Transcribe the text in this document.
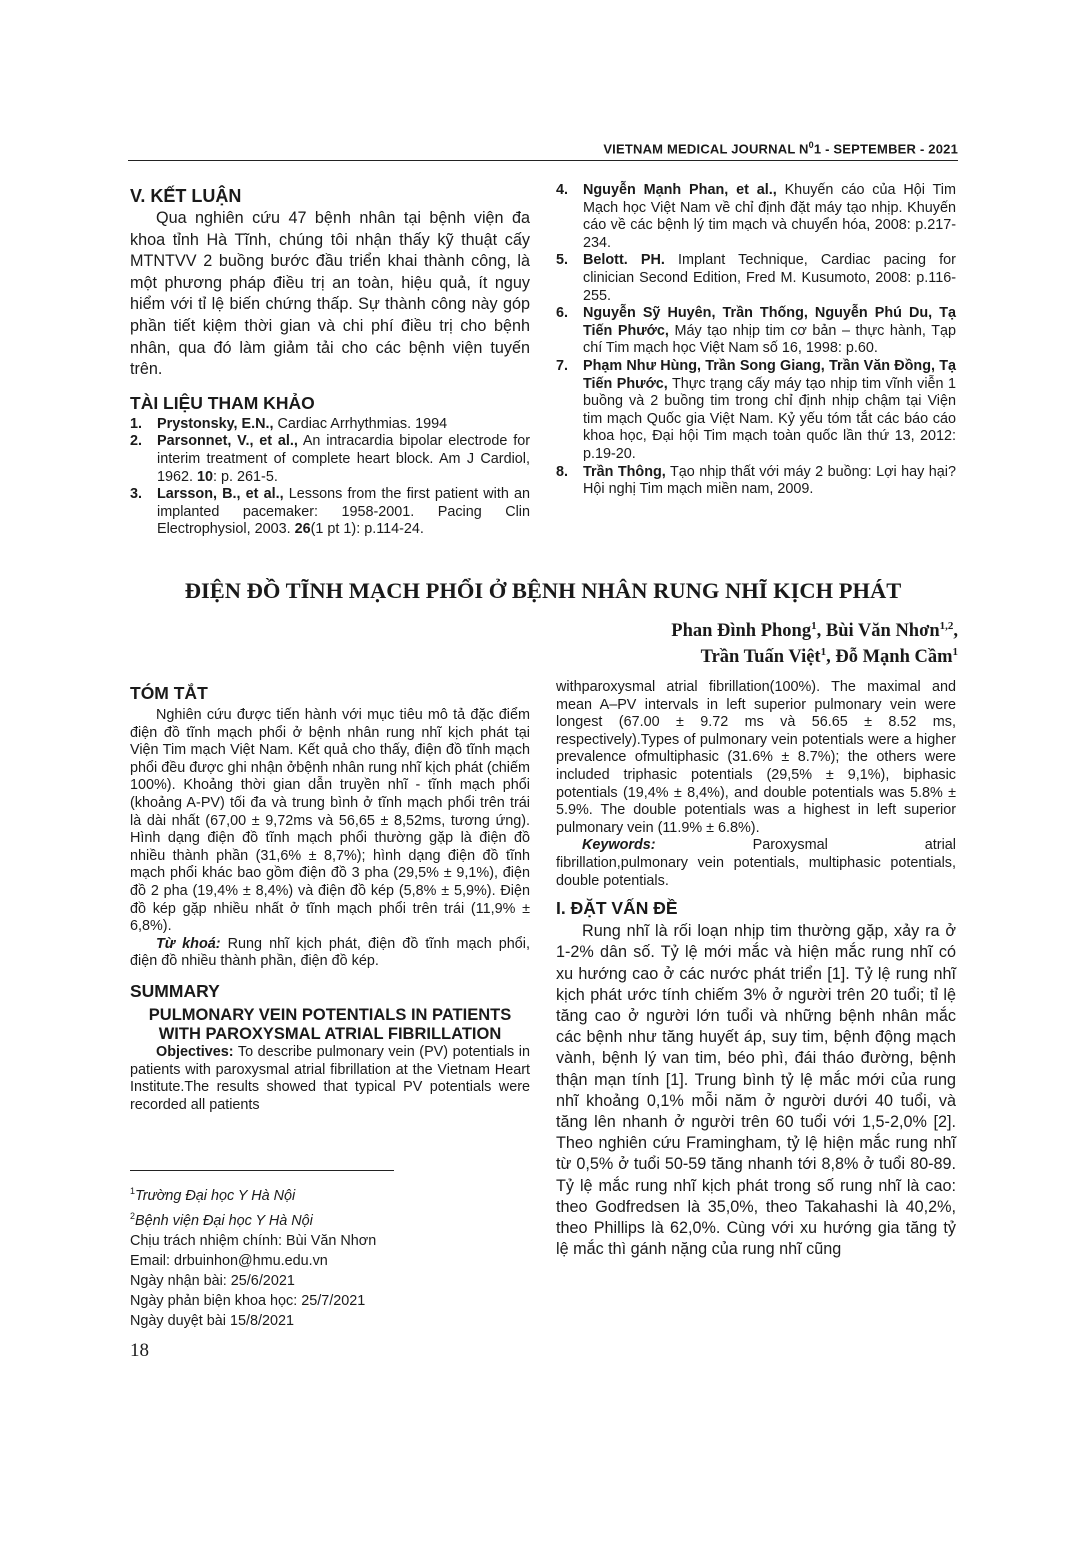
VIETNAM MEDICAL JOURNAL $N^01$ - SEPTEMBER - 2021
V. KẾT LUẬN
Qua nghiên cứu 47 bệnh nhân tại bệnh viện đa khoa tỉnh Hà Tĩnh, chúng tôi nhận thấy kỹ thuật cấy MTNTVV 2 buồng bước đầu triển khai thành công, là một phương pháp điều trị an toàn, hiệu quả, ít nguy hiểm với tỉ lệ biến chứng thấp. Sự thành công này góp phần tiết kiệm thời gian và chi phí điều trị cho bệnh nhân, qua đó làm giảm tải cho các bệnh viện tuyến trên.
TÀI LIỆU THAM KHẢO
1. Prystonsky, E.N., Cardiac Arrhythmias. 1994
2. Parsonnet, V., et al., An intracardia bipolar electrode for interim treatment of complete heart block. Am J Cardiol, 1962. 10: p. 261-5.
3. Larsson, B., et al., Lessons from the first patient with an implanted pacemaker: 1958-2001. Pacing Clin Electrophysiol, 2003. 26(1 pt 1): p.114-24.
4. Nguyễn Mạnh Phan, et al., Khuyến cáo của Hội Tim Mạch học Việt Nam về chỉ định đặt máy tạo nhịp. Khuyến cáo về các bệnh lý tim mạch và chuyển hóa, 2008: p.217-234.
5. Belott. PH. Implant Technique, Cardiac pacing for clinician Second Edition, Fred M. Kusumoto, 2008: p.116-255.
6. Nguyễn Sỹ Huyên, Trần Thống, Nguyễn Phú Du, Tạ Tiến Phước, Máy tạo nhịp tim cơ bản – thực hành, Tạp chí Tim mạch học Việt Nam số 16, 1998: p.60.
7. Phạm Như Hùng, Trần Song Giang, Trần Văn Đồng, Tạ Tiến Phước, Thực trạng cấy máy tạo nhịp tim vĩnh viễn 1 buồng và 2 buồng tim trong chỉ định nhịp chậm tại Viện tim mạch Quốc gia Việt Nam. Kỷ yếu tóm tắt các báo cáo khoa học, Đại hội Tim mạch toàn quốc lần thứ 13, 2012: p.19-20.
8. Trần Thông, Tạo nhịp thất với máy 2 buồng: Lợi hay hại? Hội nghị Tim mạch miền nam, 2009.
ĐIỆN ĐỒ TĨNH MẠCH PHỔI Ở BỆNH NHÂN RUNG NHĨ KỊCH PHÁT
Phan Đình Phong$^1$, Bùi Văn Nhơn$^{1,2}$,
Trần Tuấn Việt$^1$, Đỗ Mạnh Cầm$^1$
TÓM TẮT
Nghiên cứu được tiến hành với mục tiêu mô tả đặc điểm điện đồ tĩnh mạch phổi ở bệnh nhân rung nhĩ kịch phát tại Viện Tim mạch Việt Nam. Kết quả cho thấy, điện đồ tĩnh mạch phổi đều được ghi nhận ởbệnh nhân rung nhĩ kịch phát (chiếm 100%). Khoảng thời gian dẫn truyền nhĩ - tĩnh mạch phổi (khoảng A-PV) tối đa và trung bình ở tĩnh mạch phổi trên trái là dài nhất (67,00 ± 9,72ms và 56,65 ± 8,52ms, tương ứng). Hình dạng điện đồ tĩnh mạch phổi thường gặp là điện đồ nhiều thành phần (31,6% ± 8,7%); hình dạng điện đồ tĩnh mạch phổi khác bao gồm điện đồ 3 pha (29,5% ± 9,1%), điện đồ 2 pha (19,4% ± 8,4%) và điện đồ kép (5,8% ± 5,9%). Điện đồ kép gặp nhiều nhất ở tĩnh mạch phổi trên trái (11,9% ± 6,8%).
Từ khoá: Rung nhĩ kịch phát, điện đồ tĩnh mạch phổi, điện đồ nhiều thành phần, điện đồ kép.
SUMMARY
PULMONARY VEIN POTENTIALS IN PATIENTS WITH PAROXYSMAL ATRIAL FIBRILLATION
Objectives: To describe pulmonary vein (PV) potentials in patients with paroxysmal atrial fibrillation at the Vietnam Heart Institute.The results showed that typical PV potentials were recorded all patients
$^1$Trường Đại học Y Hà Nội
$^2$Bệnh viện Đại học Y Hà Nội
Chịu trách nhiệm chính: Bùi Văn Nhơn
Email: drbuinhon@hmu.edu.vn
Ngày nhận bài: 25/6/2021
Ngày phản biện khoa học: 25/7/2021
Ngày duyệt bài 15/8/2021
18
withparoxysmal atrial fibrillation(100%). The maximal and mean A–PV intervals in left superior pulmonary vein were longest (67.00 ± 9.72 ms và 56.65 ± 8.52 ms, respectively).Types of pulmonary vein potentials were a higher prevalence ofmultiphasic (31.6% ± 8.7%); the others were included triphasic potentials (29,5% ± 9,1%), biphasic potentials (19,4% ± 8,4%), and double potentials was 5.8% ± 5.9%. The double potentials was a highest in left superior pulmonary vein (11.9% ± 6.8%).
Keywords:	Paroxysmal	atrial
fibrillation,pulmonary vein potentials, multiphasic potentials, double potentials.
I. ĐẶT VẤN ĐỀ
Rung nhĩ là rối loạn nhịp tim thường gặp, xảy ra ở 1-2% dân số. Tỷ lệ mới mắc và hiện mắc rung nhĩ có xu hướng cao ở các nước phát triển [1]. Tỷ lệ rung nhĩ kịch phát ước tính chiếm 3% ở người trên 20 tuổi; tỉ lệ tăng cao ở người lớn tuổi và những bệnh nhân mắc các bệnh như tăng huyết áp, suy tim, bệnh động mạch vành, bệnh lý van tim, béo phì, đái tháo đường, bệnh thận mạn tính [1]. Trung bình tỷ lệ mắc mới của rung nhĩ khoảng 0,1% mỗi năm ở người dưới 40 tuổi, và tăng lên nhanh ở người trên 60 tuổi với 1,5-2,0% [2]. Theo nghiên cứu Framingham, tỷ lệ hiện mắc rung nhĩ từ 0,5% ở tuổi 50-59 tăng nhanh tới 8,8% ở tuổi 80-89. Tỷ lệ mắc rung nhĩ kịch phát trong số rung nhĩ là cao: theo Godfredsen là 35,0%, theo Takahashi là 40,2%, theo Phillips là 62,0%. Cùng với xu hướng gia tăng tỷ lệ mắc thì gánh nặng của rung nhĩ cũng
